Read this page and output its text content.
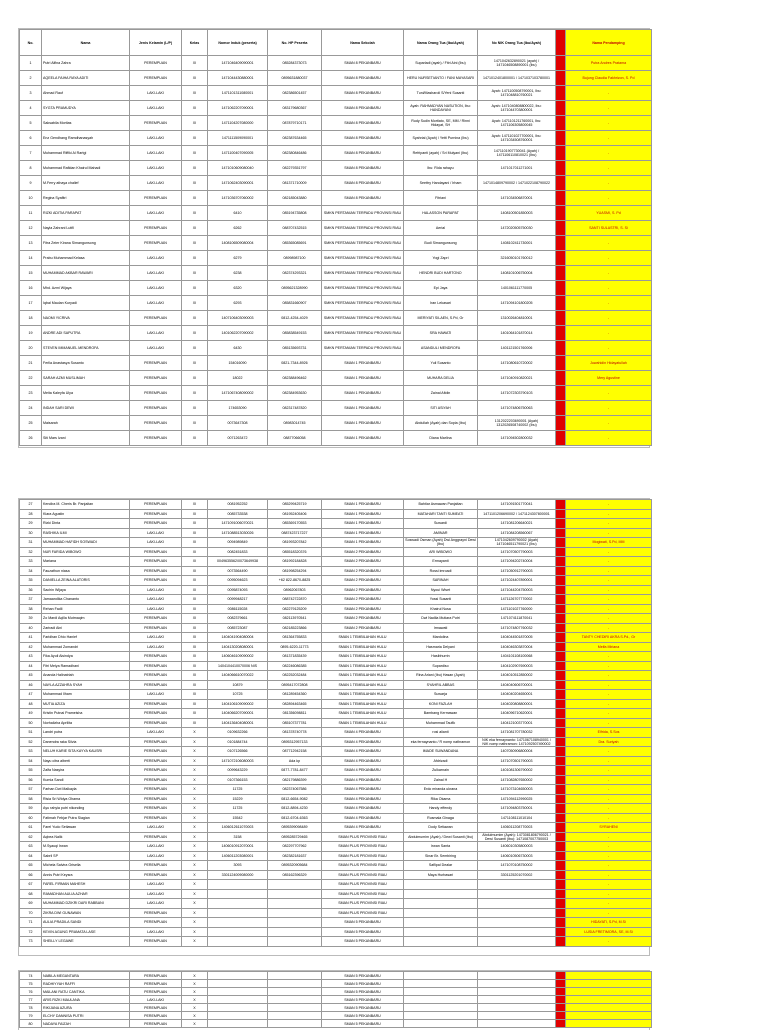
No.	Nama	Jenis Kelamin (L/P)	Kelas	Nomor Induk (peserta)	No. HP Peserta	Nama Sekolah	Nama Orang Tua (Ibu/Ayah)	No NIK Orang Tua (Ibu/Ayah)		Nama Pendamping
1	Putri Alfina Zahra	PEREMPUAN	XI	1471046409090001	085284373073	SMAN 8 PEKANBARU	Suparladi (ayah) / Fitri Aini (Ibu)	1471042632890021 (ayah) / 1471046508890001 (ibu)		Putra Andres Pratama
2	AQEELA FAIHA RAYA ADITI	PEREMPUAN	XI	1471044430880001	0895631880037	SMAN 8 PEKANBARU	HERU NURSETIANTO / FANI MAYASARI	1471012401800001 / 1471037103780001		Bujung Claudia Fakhrizon, S. Pd
3	Ahmad Rauf	LAKI-LAKI	XI	1471101311080001	082386501457	SMAN 8 PEKANBARU	Tuni/Masharoli S/Yeni Susanti	Ayah: 1471100508790001, Ibu: 1471048810760021		-
4	SYGTA PRAMUDYA	LAKI-LAKI	XI	1471062207090001	083179680367	SMAN 8 PEKANBARU	Ayah: RAHMADYAN NASUTION, Ibu: HANDAYANI	Ayah: 1471040808800022, Ibu: 1471044703800001		-
5	Saksabila Mortias	PEREMPUAN	XI	1471104207080000	087879710171	SMAN 8 PEKANBARU	Rudy Sudin Mortiato, SE, MM / Rinni Hidayat, SH	Ayah: 1471101211760001, Ibu: 1471106305800045		-
6	Enz Gendhang Ramdhanasyah	LAKI-LAKI	XI	1471111509090001	082387634465	SMAN 8 PEKANBARU	Syahrial (Ayah) / Yetti Purnina (Ibu)	Ayah: 1471101027700001, Ibu: 1471034508760001		-
7	Muhammad Riffiki Al Rartgi	LAKI-LAKI	XI	1471100407090005	082380846486	SMAN 8 PEKANBARU	Refripanti (ayah) / Sri Mulyani (Ibu)	1471101907730041 (Ayah) / 1471106110810021 (Ibu)		-
8	Muhammad Rafidan Khairul Mahadi	LAKI-LAKI	XI	1471010609080040	082279351797	SMAN 8 PEKANBARU	Ibu: Rida rahayu	1471017011271001		-
9	M.Ferry athaya chalief	LAKI-LAKI	XI	1471062403090001	081371710009	SMAN 8 PEKANBARU	Seettry Handayani / Irham	1471014809790002 / 1471022108790022		-
10	Regina Syafitri	PEREMPUAN	XI	1471036707060002	082185043880	SMAN 8 PEKANBARU	Fitriani	1471034506870001		-
11	RIZKI ADITIA PARAPAT	LAKI-LAKI	XI	6410	085194735808	SMKN PERTANIAN TERPADU PROVINSI RIAU	HALASSON PARAPAT	1408100501850003		YUASMI, S. Pd
12	Nayla Zahrani Lutfil	PEREMPUAN	XI	6262	088707432515	SMKN PERTANIAN TERPADU PROVINSI RIAU	Aerial	1472020505750030		SANTI SULASTRI, S. Si
13	Fitra Zeier Kirana Simangunsong	PEREMPUAN	XI	1408106509080004	085365085691	SMKN PERTANIAN TERPADU PROVINSI RIAU	Budi Simangunsong	1408102411730001		-
14	Prabu Muhammad Kelasa	LAKI-LAKI	XI	6279	08998987100	SMKN PERTANIAN TERPADU PROVINSI RIAU	Yogi Zapri	3216050101760012		-
15	MUHAMMAD AKBAR RAWARI	LAKI-LAKI	XI	6238	082374293321	SMKN PERTANIAN TERPADU PROVINSI RIAU	HENDRI BUDI HARTONO	1408101006750004		-
16	Mhd. Azmi Wijaya	LAKI-LAKI	XI	6320	0895621328990	SMKN PERTANIAN TERPADU PROVINSI RIAU	Epi Jaya	1401061111770005		-
17	Iqbal Maulan Kuryadi	LAKI-LAKI	XI	6293	085831660907	SMKN PERTANIAN TERPADU PROVINSI RIAU	Iran Lekasari	1471094101800205		-
18	NAOMI YICRIVA	PEREMPUAN	XI	1407106403090003	0812-4254-4029	SMKN PERTANIAN TERPADU PROVINSI RIAU	MERIYATI SILAEN, S.Pd, Gr	1310026404810001		-
19	ANDRE ADI SAPUTRA	LAKI-LAKI	XI	1401062207090002	085838549153	SMKN PERTANIAN TERPADU PROVINSI RIAU	SRA HAWATI	1401064101870014		-
20	STEVEN IMMANUEL MENDROFA	LAKI-LAKI	XI	6430	085135693731	SMKN PERTANIAN TERPADU PROVINSI RIAU	ASANDULI MENDROFA	1401121501760006		-
21	Ferlla Anastasya Susanto	PEREMPUAN	XI	154016090	0821-7344-8926	SMAN 1 PEKANBARU	Yuli Susanto	1471080610720002		Juwahidin Hidayatullah
22	SARAH AZMI MUSLIMAH	PEREMPUAN	XI	18022	082388496462	SMAN 1 PEKANBARU	MUHARA DELIA	1471040910820021		Mery Agustine
23	Meita Kaleyfa Ulya	PEREMPUAN	XI	1471067408090002	082384953630	SMAN 1 PEKANBARU	Zainal Afidin	1471072303790103		-
24	INDAH SARI DEWI	PEREMPUAN	XI	174653090	082317487820	SMAN 1 PEKANBARU	SITI ASIYAH	1471074806750063		-
25	Maisarah	PEREMPUAN	XI	0073647308	08983014745	SMAN 1 PEKANBARU	Abdullah (Ayah) dan Sopia (Ibu)	1312022203690001 (Ayah) 1312026508740002 (Ibu)		-
26	Siti Mars Izani	PEREMPUAN	XI	0071263472	08877066058	SMAN 1 PEKANBARU	Diana Marlina	1471094502800032		-
27	Kendira M. Cheris Br. Panjaitan	PEREMPUAN	XI	0081952252	085299425719	SMAN 1 PEKANBARU	Bahtiar Asmawan Panjaitan	1471091501770041		-
28	Kiara Agustin	PEREMPUAN	XI	0085733538	081952405406	SMAN 1 PEKANBARU	MATAHARI TANTI SUMEATI	1471101206690002 / 1471124307800001		-
29	Rizki Dinta	PEREMPUAN	XI	1471091006070021	085369170553	SMAN 1 PEKANBARU	Suwardi	1471081206640021		-
30	RASHIKA ILMI	LAKI-LAKI	XI	1471088513030026	0887423717227	SMAN 1 PEKANBARU	AMINAR	1471084208560067		-
31	MUHAMMAD HAFIDH SOSWADI	LAKI-LAKI	XI	0094989849	081993207842	SMAN 1 PEKANBARU	Soswadi Osman (Ayah) Dwi Anggrayni Dewi (Ibu)	1471042609790002 (Ayah) 1471046511790021 (Ibu)		Mogiwati, S.Pd, MM
32	NUR FARIDA WIBOWO	PEREMPUAN	XI	0082451833	085518320376	SMAN 2 PEKANBARU	ARI WIBOWO	1471070507790003		-
33	Mariana	PEREMPUAN	XI	0049635562/0073649938	081992184828	SMAN 2 PEKANBARU	Ermayanti	1471094202740004		-
34	Fauzathun niasa	PEREMPUAN	XI	0073564490	081998254294	SMAN 2 PEKANBARU	Rossi imroadi	1471050912790003		-
35	DANIELLA ZEINA ALATORIS	PEREMPUAN	XI	0095094623	+62 822-8670-8825	SMAN 2 PEKANBARU	SARINAH	1471024407890001		-
36	Sachin Wijaya	LAKI-LAKI	XI	0095874093	08962067803	SMAN 2 PEKANBARU	Nyoui Wiset	1471044204750003		-
37	Jamaandika Chananto	LAKI-LAKI	XI	0099948217	088742722870	SMAN 2 PEKANBARU	Yossi Susanti	1471126707770002		-
38	Rehan Fadli	LAKI-LAKI	XI	0086115028	082279125209	SMAN 2 PEKANBARU	Khairul Nusa	1471101027760000		-
39	Zo Mardi Aqilla Mutmaqim	PEREMPUAN	XI	0082379661	082113970541	SMAN 2 PEKANBARU	Dwi Nadila Mutiara Putri	1471074111870041		-
40	Zariradi Aini	PEREMPUAN	XI	0085723087	082185223866	SMAN 2 PEKANBARU	Irmawati	1471074807760032		-
41	Faridhan Dhio Hanief	LAKI-LAKI	XI	1404041904080004	081364755833	SMAN 1 TEMBILAHAN HULU	Mardolina	1404044501870005		TANTY CHEDIRI AKRA S.Pd., Gr
42	Muhammad Zomandri	LAKI-LAKI	XI	1404130208080001	0895-6220-11773	SMAN 1 TEMBILAHAN HULU	Hasmaria Delyani	1404046303870004		Melfa Miriana
43	Fika Ayuli Aisindya	PEREMPUAN	XI	1406046109090002	081371835439	SMAN 1 TEMBILAHAN HULU	Hasibhurrin	1404101108100068		-
44	Fitri Melya Ramadhani	PEREMPUAN	XI	1404104410070006 NIS	082246086385	SMAN 1 TEMBILAHAN HULU	Supardiso	1404102907690003		-
45	Ananda Halinatriah	PEREMPUAN	XI	1404066610070022	082252032484	SMAN 1 TEMBILAHAN HULU	Rina Ariani (Ibu) Hasan (Ayah)	1404010512850002		-
46	NAYLA AZZAHRA SYAH	PEREMPUAN	XI	10879	0895417072808	SMAN 1 TEMBILAHAN HULU	SYAHRIL ABBAS	1404040606700001		-
47	Muhammad Ilham	LAKI-LAKI	XI	10725	081289454360	SMAN 1 TEMBILAHAN HULU	Suwarja	1404040204650001		-
48	MUTIA AZIZA	PEREMPUAN	XI	1404106109090002	082894463465	SMAN 1 TEMBILAHAN HULU	KONI FAZLAH	1404020808800001		-
49	Kristin Putnai Prameisha	PEREMPUAN	XI	1404066207090001	081356098811	SMAN 1 TEMBILAHAN HULU	Bambang Kermawan	1404096710620001		-
50	Norhalizha Aprilita	PEREMPUAN	XI	1404136404080001	085107377781	SMAN 1 TEMBILAHAN HULU	Muhammad Taufik	1404121003770001		-
51	Landri putra	LAKI-LAKI	X	0109632266	081378740778	SMAN 4 PEKANBARU	rosi alianti	1471081707780032		Elfrida, S.Sos
52	Danendra raka Silvia	PEREMPUAN	X	0101884744	0895312957133	SMAN 4 PEKANBARU	eka fernaynanto / R nomp nathramon	NIK eka fernaynanto: 1471067108940001 / NIK nomp nathramon: 1471092507490002		Dra. Suriyah
53	NELUH KARIE SITA KAYYA KAUSRI	PEREMPUAN	X	0107126566	087712942158	SMAN 4 PEKANBARU	IMADE SUWANDANA	1407050906800004		-
54	Nayu citra alberti	PEREMPUAN	X	1471072106080003	Ada kp	SMAN 4 PEKANBARU	Afdrizadi	1471070501790003		-
55	Zalfa Nasyira	PEREMPUAN	X	0099643229	0877-7781-8477	SMAN 4 PEKANBARU	Zulkarnain	1401081306790002		-
56	Kumia Sandi	PEREMPUAN	X	0107366153	082179886399	SMAN 4 PEKANBARU	Zainal H	1471082807650002		-
57	Farhan Dwi Malkayla	PEREMPUAN	X	11725	082374067586	SMAN 4 PEKANBARU	Erdo miranda ukrana	1471073104650003		-
58	Risia Sri Widya Ohama	PEREMPUAN	X	15229	0812-6654-9082	SMAN 4 PEKANBARU	Rika Okama	1471094112990025		-
59	Ayu rahyia putri nikonding	PEREMPUAN	X	11725	0812-8894-4230	SMAN 4 PEKANBARU	Handy effendy	1471094803750001		-
60	Fatimah Febjar Putra Siagian	PEREMPUAN	X	15542	0812-6704-6363	SMAN 4 PEKANBARU	Rusmala Ginaga	1471108111010104		-
61	Farel Yudo Setiawan	LAKI-LAKI	X	1406012611070003	0895399098489	SMAN 4 PEKANBARU	Dody Setiawan	1406011208770003		SYRAHENI
62	Aqbea Nalik	PEREMPUAN	X	3158	0895285729465	SMAN PLUS PROVINSI RIAU	Abdulmumim (Ayah) / Dewi Susanti (Ibu)	Abdulmumim (Ayah): 1473081806790021 / Dewi Susanti (Ibu): 1471087007750003		-
63	M.Syauqi Irwan	LAKI-LAKI	X	1406010912070001	082297707962	SMAN PLUS PROVINSI RIAU	Irwan Santa	1406010305800003		-
64	Sabril SP	LAKI-LAKI	X	1406011203080001	082382181637	SMAN PLUS PROVINSI RIAU	Sinar Br. Sembiring	1406010506730003		-
65	Michela Salvira Grisella	PEREMPUAN	X	3093	0895320905684	SMAN PLUS PROVINSI RIAU	Saflipal Dealar	1471070108750002		-
66	Annis Putri Keysra	PEREMPUAN	X	3301124009080000	085162396329	SMAN PLUS PROVINSI RIAU	Maya Hurbasari	3301125201070002		-
67	FAREL FIRMAN MAHESH	LAKI-LAKI	X			SMAN PLUS PROVINSI RIAU				-
68	RAMADHAN AULIA AZHAR	LAKI-LAKI	X			SMAN PLUS PROVINSI RIAU				-
69	MUHAMMAD DZIKRI DARI RABBANI	LAKI-LAKI	X			SMAN PLUS PROVINSI RIAU				-
70	ZIKRA DWI GUNAWAN	PEREMPUAN	X			SMAN PLUS PROVINSI RIAU				-
71	AULIA PRADILA SANDI	PEREMPUAN	X			SMAN 5 PEKANBARU				HIDAYATI, S.Pd, M.Si
72	KEVIN AGUNG PRAMATA LASE	LAKI-LAKI	X			SMAN 5 PEKANBARU				LUSIA FRETIMORA, SE, M.Si
73	SHEILLY LEGAWE	PEREMPUAN	X			SMAN 5 PEKANBARU				-
74	NABILA MEGANTARA	PEREMPUAN	X			SMAN 5 PEKANBARU				
75	RADHIYYAH RAFFI	PEREMPUAN	X			SMAN 5 PEKANBARU				
76	MAILANI RATU CANTIKA	PEREMPUAN	X			SMAN 5 PEKANBARU				
77	ARIS RIZKI MAULANA	LAKI-LAKI	X			SMAN 5 PEKANBARU				
78	RIKIJANA AZURA	PEREMPUAN	X			SMAN 5 PEKANBARU				
79	ELCHY DANNISA PUTRI	PEREMPUAN	X			SMAN 5 PEKANBARU				
80	NADAYA FAIZAH	PEREMPUAN	X			SMAN 5 PEKANBARU				
